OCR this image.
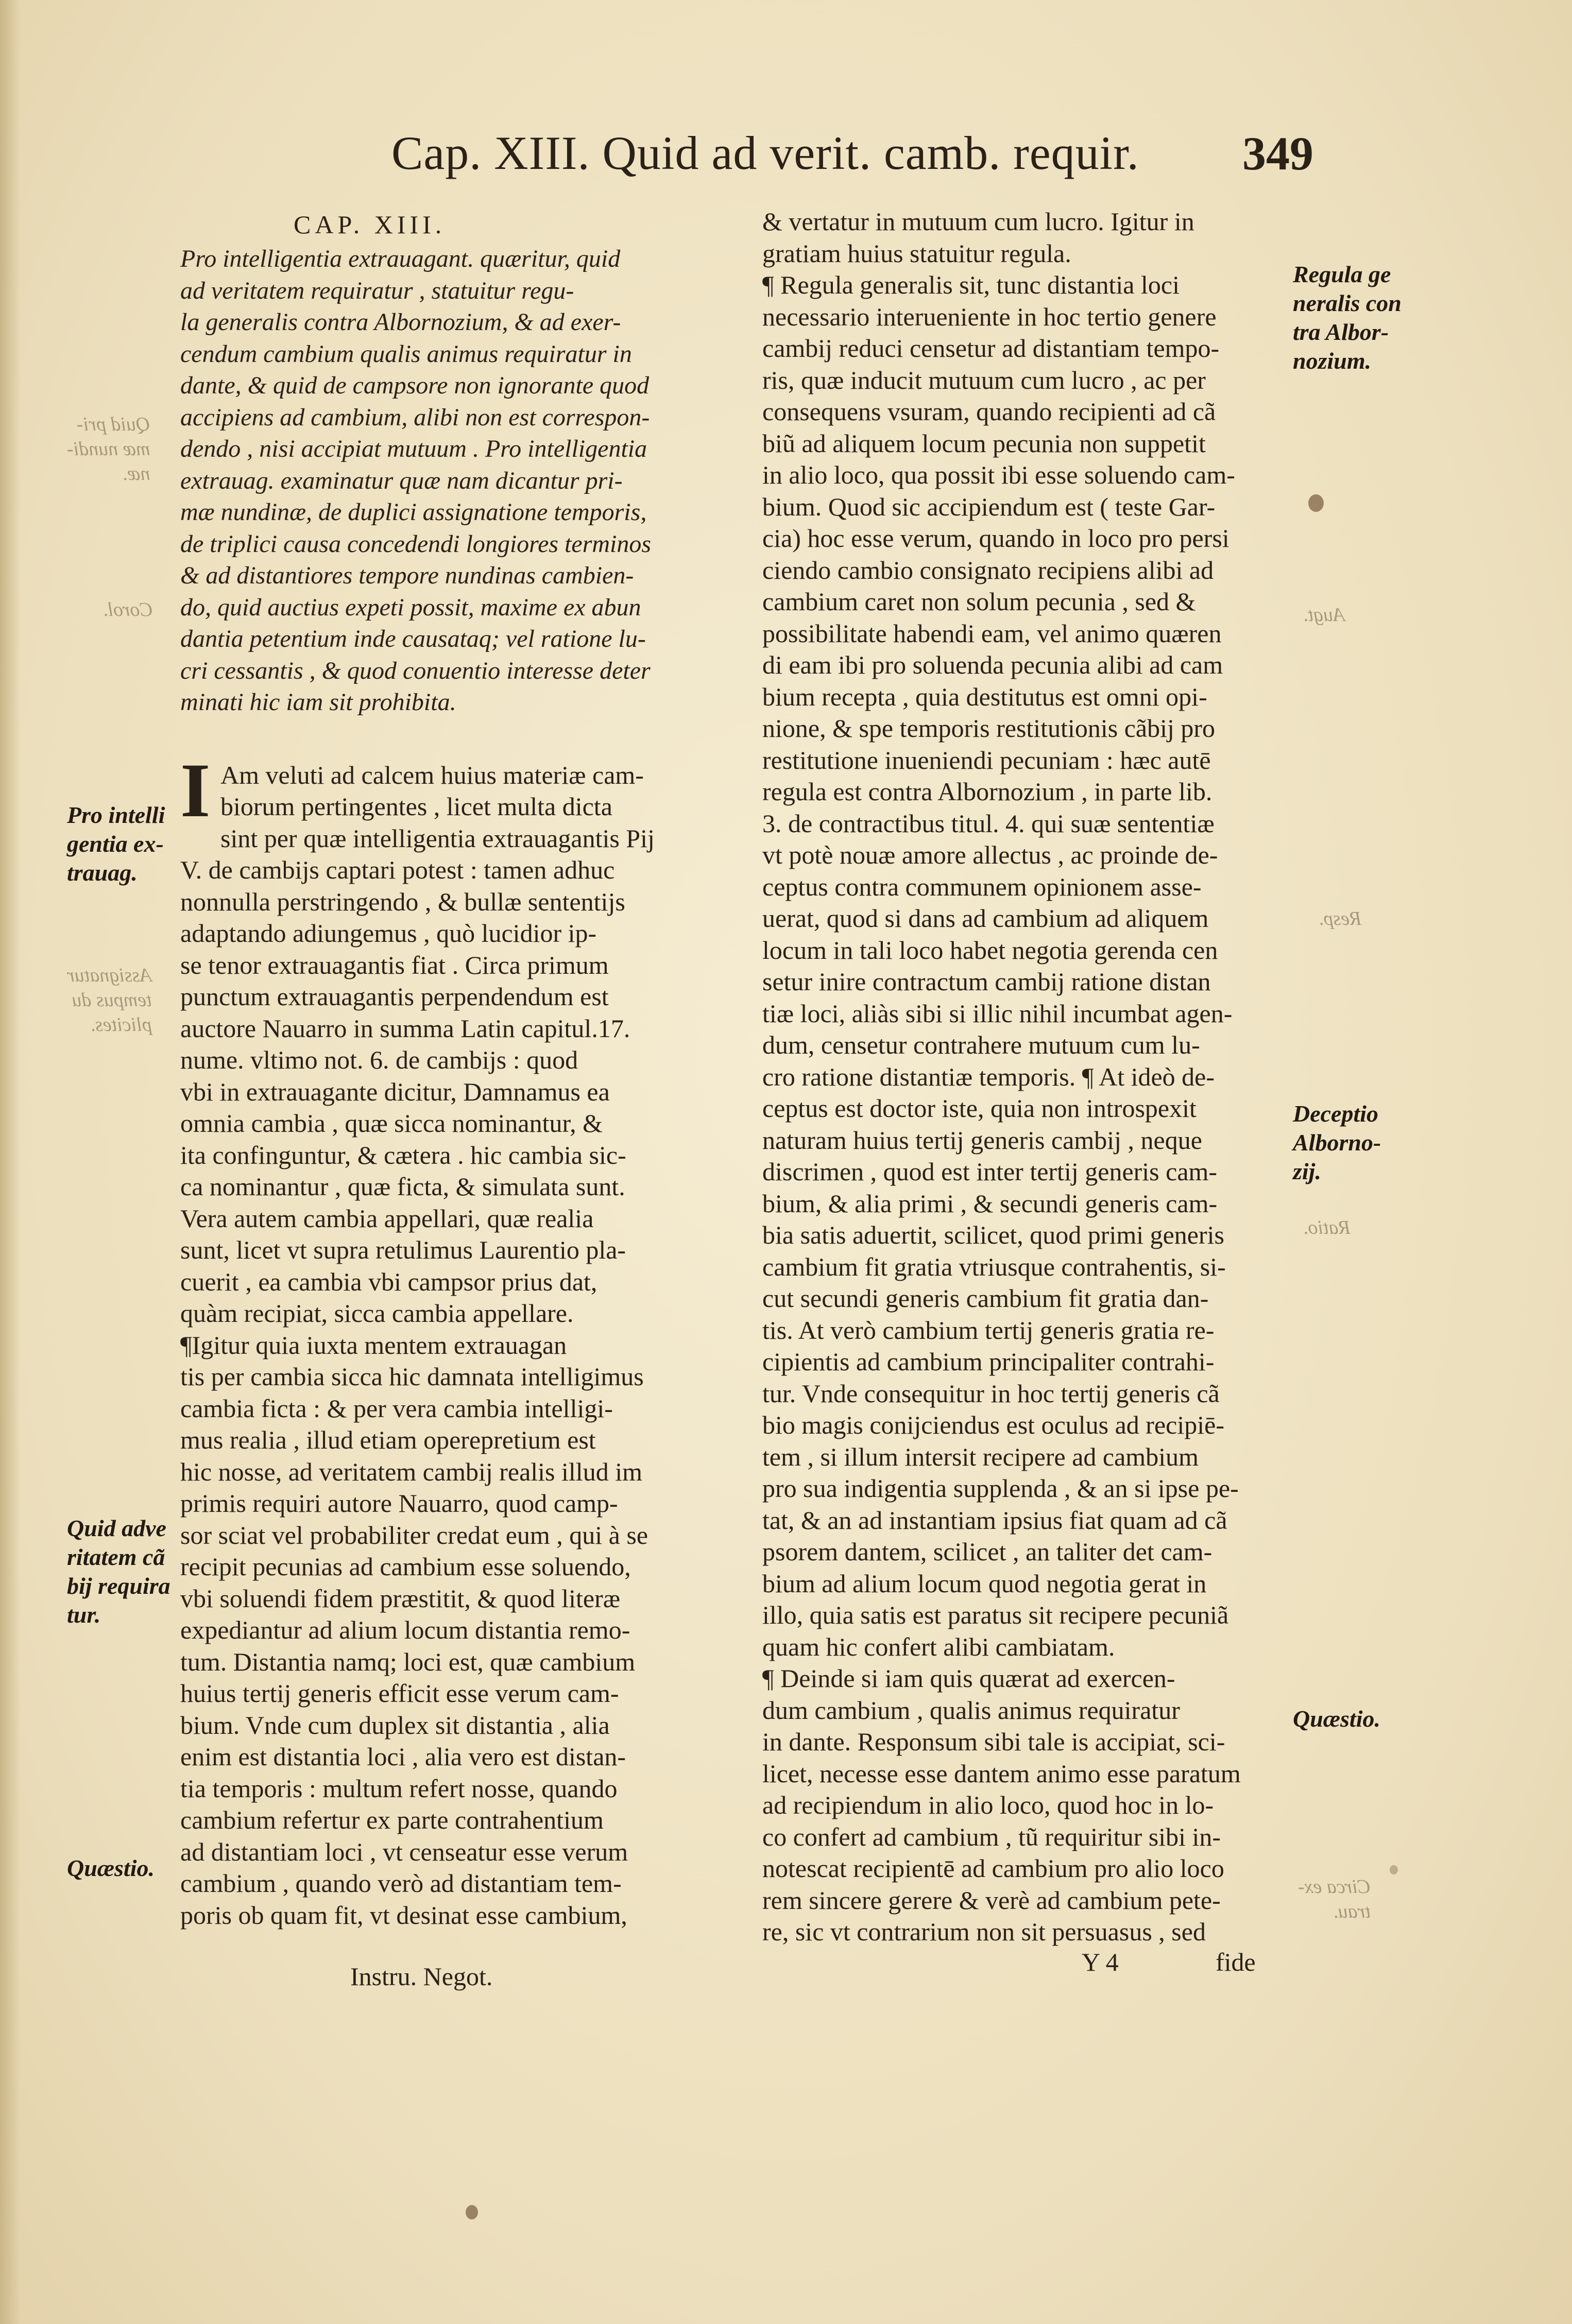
Cap. XIII. Quid ad verit. camb. requir.	349
Quid pri-
mæ nundi-
næ.
Corol.
Assignatur
tempus du
plicites.
Augt.
Resp.
Ratio.
Circa ex-
trau.
CAP. XIII.
Pro intelligentia extrauagant. quæritur, quid
ad veritatem requiratur , statuitur regu-
la generalis contra Albornozium, & ad exer-
cendum cambium qualis animus requiratur in
dante, & quid de campsore non ignorante quod
accipiens ad cambium, alibi non est correspon-
dendo , nisi accipiat mutuum . Pro intelligentia
extrauag. examinatur quæ nam dicantur pri-
mæ nundinæ, de duplici assignatione temporis,
de triplici causa concedendi longiores terminos
& ad distantiores tempore nundinas cambien-
do, quid auctius expeti possit, maxime ex abun
dantia petentium inde causataq; vel ratione lu-
cri cessantis , & quod conuentio interesse deter
minati hic iam sit prohibita.
I Am veluti ad calcem huius materiæ cam-
biorum pertingentes , licet multa dicta
sint per quæ intelligentia extrauagantis Pij
V. de cambijs captari potest : tamen adhuc
nonnulla perstringendo , & bullæ sententijs
adaptando adiungemus , quò lucidior ip-
se tenor extrauagantis fiat . Circa primum
punctum extrauagantis perpendendum est
auctore Nauarro in summa Latin capitul.17.
nume. vltimo not. 6. de cambijs : quod
vbi in extrauagante dicitur, Damnamus ea
omnia cambia , quæ sicca nominantur, &
ita confinguntur, & cætera . hic cambia sic-
ca nominantur , quæ ficta, & simulata sunt.
Vera autem cambia appellari, quæ realia
sunt, licet vt supra retulimus Laurentio pla-
cuerit , ea cambia vbi campsor prius dat,
quàm recipiat, sicca cambia appellare.
¶Igitur quia iuxta mentem extrauagan
tis per cambia sicca hic damnata intelligimus
cambia ficta : & per vera cambia intelligi-
mus realia , illud etiam operepretium est
hic nosse, ad veritatem cambij realis illud im
primis requiri autore Nauarro, quod camp-
sor sciat vel probabiliter credat eum , qui à se
recipit pecunias ad cambium esse soluendo,
vbi soluendi fidem præstitit, & quod literæ
expediantur ad alium locum distantia remo-
tum. Distantia namq; loci est, quæ cambium
huius tertij generis efficit esse verum cam-
bium. Vnde cum duplex sit distantia , alia
enim est distantia loci , alia vero est distan-
tia temporis : multum refert nosse, quando
cambium refertur ex parte contrahentium
ad distantiam loci , vt censeatur esse verum
cambium , quando verò ad distantiam tem-
poris ob quam fit, vt desinat esse cambium,
Instru. Negot.
& vertatur in mutuum cum lucro. Igitur in
gratiam huius statuitur regula.
¶ Regula generalis sit, tunc distantia loci
necessario interueniente in hoc tertio genere
cambij reduci censetur ad distantiam tempo-
ris, quæ inducit mutuum cum lucro , ac per
consequens vsuram, quando recipienti ad cã
biũ ad aliquem locum pecunia non suppetit
in alio loco, qua possit ibi esse soluendo cam-
bium. Quod sic accipiendum est ( teste Gar-
cia) hoc esse verum, quando in loco pro persi
ciendo cambio consignato recipiens alibi ad
cambium caret non solum pecunia , sed &
possibilitate habendi eam, vel animo quæren
di eam ibi pro soluenda pecunia alibi ad cam
bium recepta , quia destitutus est omni opi-
nione, & spe temporis restitutionis cãbij pro
restitutione inueniendi pecuniam : hæc autē
regula est contra Albornozium , in parte lib.
3. de contractibus titul. 4. qui suæ sententiæ
vt potè nouæ amore allectus , ac proinde de-
ceptus contra communem opinionem asse-
uerat, quod si dans ad cambium ad aliquem
locum in tali loco habet negotia gerenda cen
setur inire contractum cambij ratione distan
tiæ loci, aliàs sibi si illic nihil incumbat agen-
dum, censetur contrahere mutuum cum lu-
cro ratione distantiæ temporis. ¶ At ideò de-
ceptus est doctor iste, quia non introspexit
naturam huius tertij generis cambij , neque
discrimen , quod est inter tertij generis cam-
bium, & alia primi , & secundi generis cam-
bia satis aduertit, scilicet, quod primi generis
cambium fit gratia vtriusque contrahentis, si-
cut secundi generis cambium fit gratia dan-
tis. At verò cambium tertij generis gratia re-
cipientis ad cambium principaliter contrahi-
tur. Vnde consequitur in hoc tertij generis cã
bio magis conijciendus est oculus ad recipiē-
tem , si illum intersit recipere ad cambium
pro sua indigentia supplenda , & an si ipse pe-
tat, & an ad instantiam ipsius fiat quam ad cã
psorem dantem, scilicet , an taliter det cam-
bium ad alium locum quod negotia gerat in
illo, quia satis est paratus sit recipere pecuniã
quam hic confert alibi cambiatam.
¶ Deinde si iam quis quærat ad exercen-
dum cambium , qualis animus requiratur
in dante. Responsum sibi tale is accipiat, sci-
licet, necesse esse dantem animo esse paratum
ad recipiendum in alio loco, quod hoc in lo-
co confert ad cambium , tũ requiritur sibi in-
notescat recipientē ad cambium pro alio loco
rem sincere gerere & verè ad cambium pete-
re, sic vt contrarium non sit persuasus , sed
Y 4	fide
Pro intelli
gentia ex-
trauag.
Quid adve
ritatem cã
bij requira
tur.
Quæstio.
Regula ge
neralis con
tra Albor-
nozium.
Deceptio
Alborno-
zij.
Quæstio.
